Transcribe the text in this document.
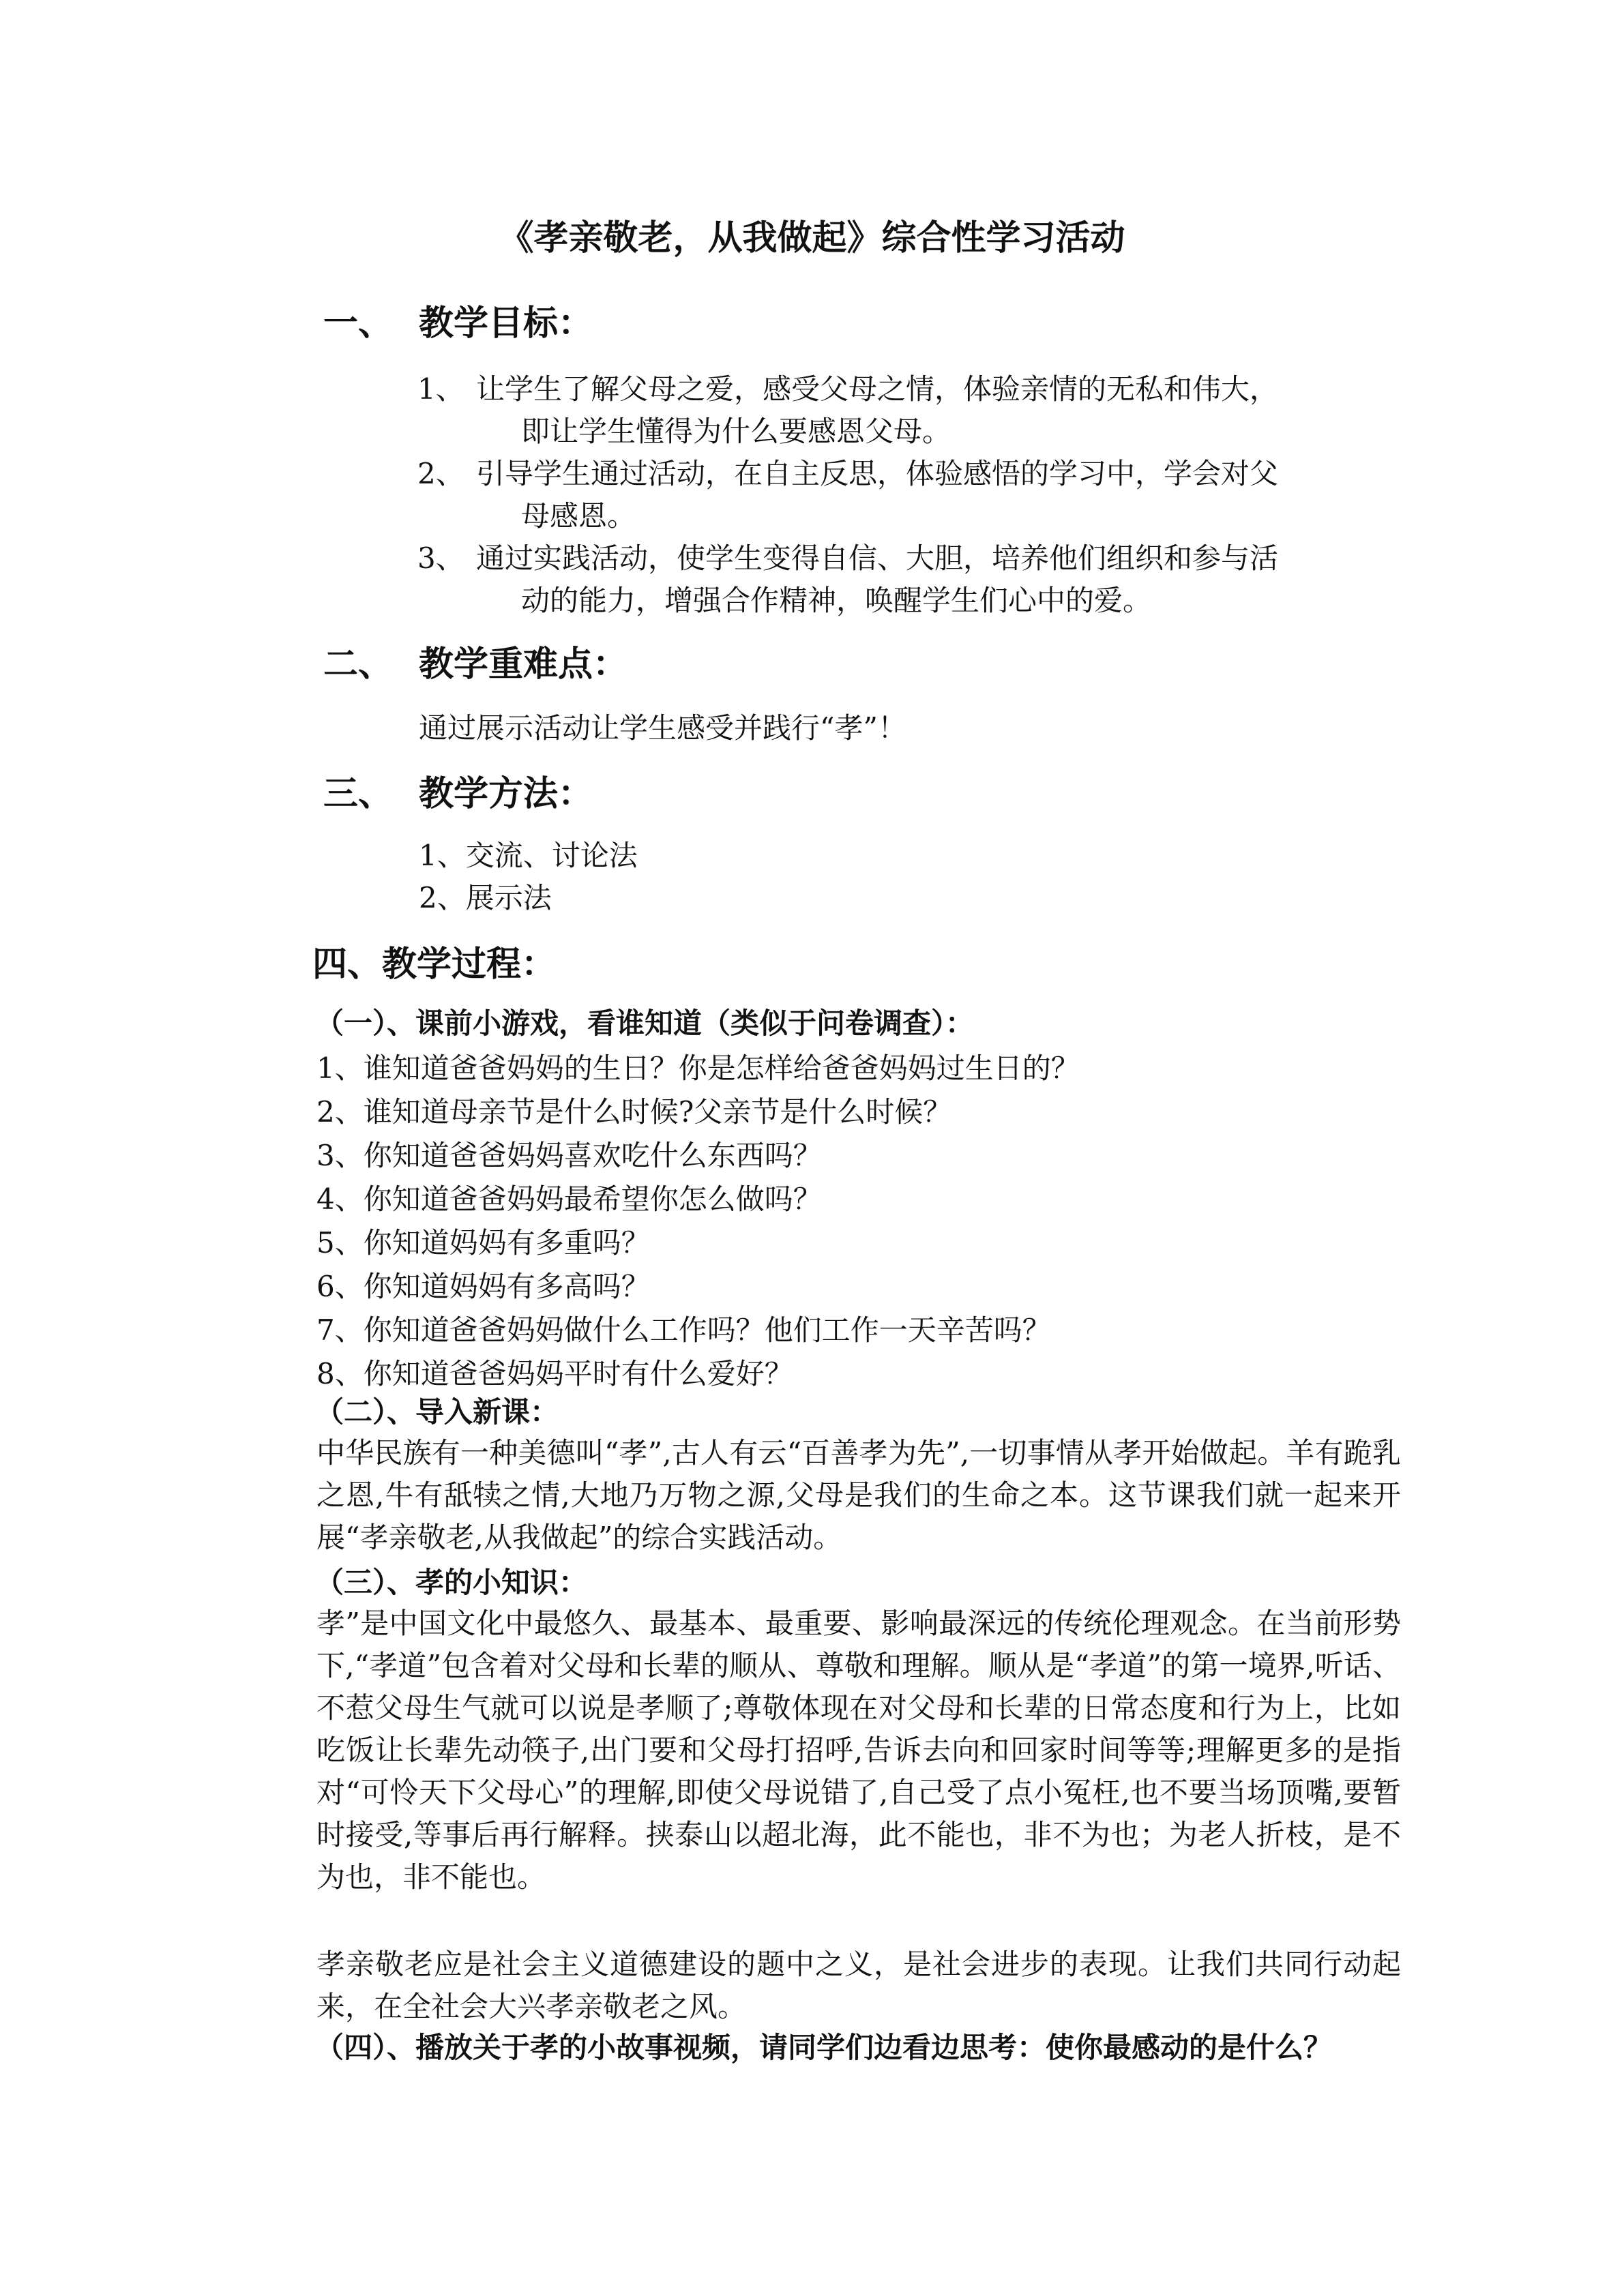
《孝亲敬老，从我做起》综合性学习活动
一、 教学目标：
1、 让学生了解父母之爱，感受父母之情，体验亲情的无私和伟大，
即让学生懂得为什么要感恩父母。
2、 引导学生通过活动，在自主反思，体验感悟的学习中，学会对父
母感恩。
3、 通过实践活动，使学生变得自信、大胆，培养他们组织和参与活
动的能力，增强合作精神，唤醒学生们心中的爱。
二、 教学重难点：
通过展示活动让学生感受并践行“孝”！
三、 教学方法：
1、交流、讨论法
2、展示法
四、教学过程：
（一）、课前小游戏，看谁知道（类似于问卷调查）：
1、谁知道爸爸妈妈的生日？你是怎样给爸爸妈妈过生日的？
2、谁知道母亲节是什么时候?父亲节是什么时候？
3、你知道爸爸妈妈喜欢吃什么东西吗？
4、你知道爸爸妈妈最希望你怎么做吗？
5、你知道妈妈有多重吗？
6、你知道妈妈有多高吗？
7、你知道爸爸妈妈做什么工作吗？他们工作一天辛苦吗？
8、你知道爸爸妈妈平时有什么爱好？
（二）、导入新课：
中华民族有一种美德叫“孝”,古人有云“百善孝为先”,一切事情从孝开始做起。羊有跪乳之恩,牛有舐犊之情,大地乃万物之源,父母是我们的生命之本。这节课我们就一起来开展“孝亲敬老,从我做起”的综合实践活动。
（三）、孝的小知识：
孝”是中国文化中最悠久、最基本、最重要、影响最深远的传统伦理观念。在当前形势下,“孝道”包含着对父母和长辈的顺从、尊敬和理解。顺从是“孝道”的第一境界,听话、不惹父母生气就可以说是孝顺了;尊敬体现在对父母和长辈的日常态度和行为上，比如吃饭让长辈先动筷子,出门要和父母打招呼,告诉去向和回家时间等等;理解更多的是指对“可怜天下父母心”的理解,即使父母说错了,自己受了点小冤枉,也不要当场顶嘴,要暂时接受,等事后再行解释。挟泰山以超北海，此不能也，非不为也；为老人折枝，是不为也，非不能也。
孝亲敬老应是社会主义道德建设的题中之义，是社会进步的表现。让我们共同行动起来，在全社会大兴孝亲敬老之风。
（四）、播放关于孝的小故事视频，请同学们边看边思考：使你最感动的是什么？
